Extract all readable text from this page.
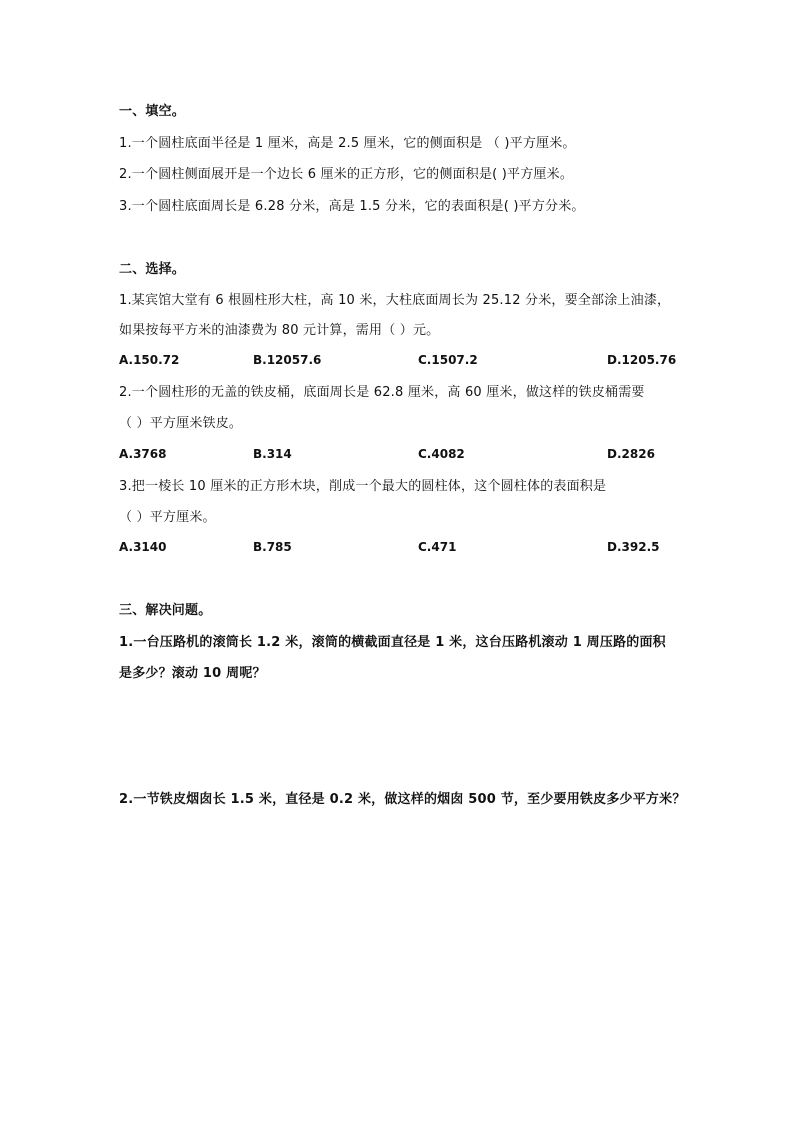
一、填空。
1.一个圆柱底面半径是 1 厘米，高是 2.5 厘米，它的侧面积是 （ )平方厘米。
2.一个圆柱侧面展开是一个边长 6 厘米的正方形，它的侧面积是( )平方厘米。
3.一个圆柱底面周长是 6.28 分米，高是 1.5 分米，它的表面积是( )平方分米。
二、选择。
1.某宾馆大堂有 6 根圆柱形大柱，高 10 米，大柱底面周长为 25.12 分米，要全部涂上油漆，
如果按每平方米的油漆费为 80 元计算，需用（ ）元。
A.150.72	B.12057.6	C.1507.2	D.1205.76
2.一个圆柱形的无盖的铁皮桶，底面周长是 62.8 厘米，高 60 厘米，做这样的铁皮桶需要
（ ）平方厘米铁皮。
A.3768	B.314	C.4082	D.2826
3.把一棱长 10 厘米的正方形木块，削成一个最大的圆柱体，这个圆柱体的表面积是
（ ）平方厘米。
A.3140	B.785	C.471	D.392.5
三、解决问题。
1.一台压路机的滚筒长 1.2 米，滚筒的横截面直径是 1 米，这台压路机滚动 1 周压路的面积
是多少？滚动 10 周呢？
2.一节铁皮烟囱长 1.5 米，直径是 0.2 米，做这样的烟囱 500 节，至少要用铁皮多少平方米？
